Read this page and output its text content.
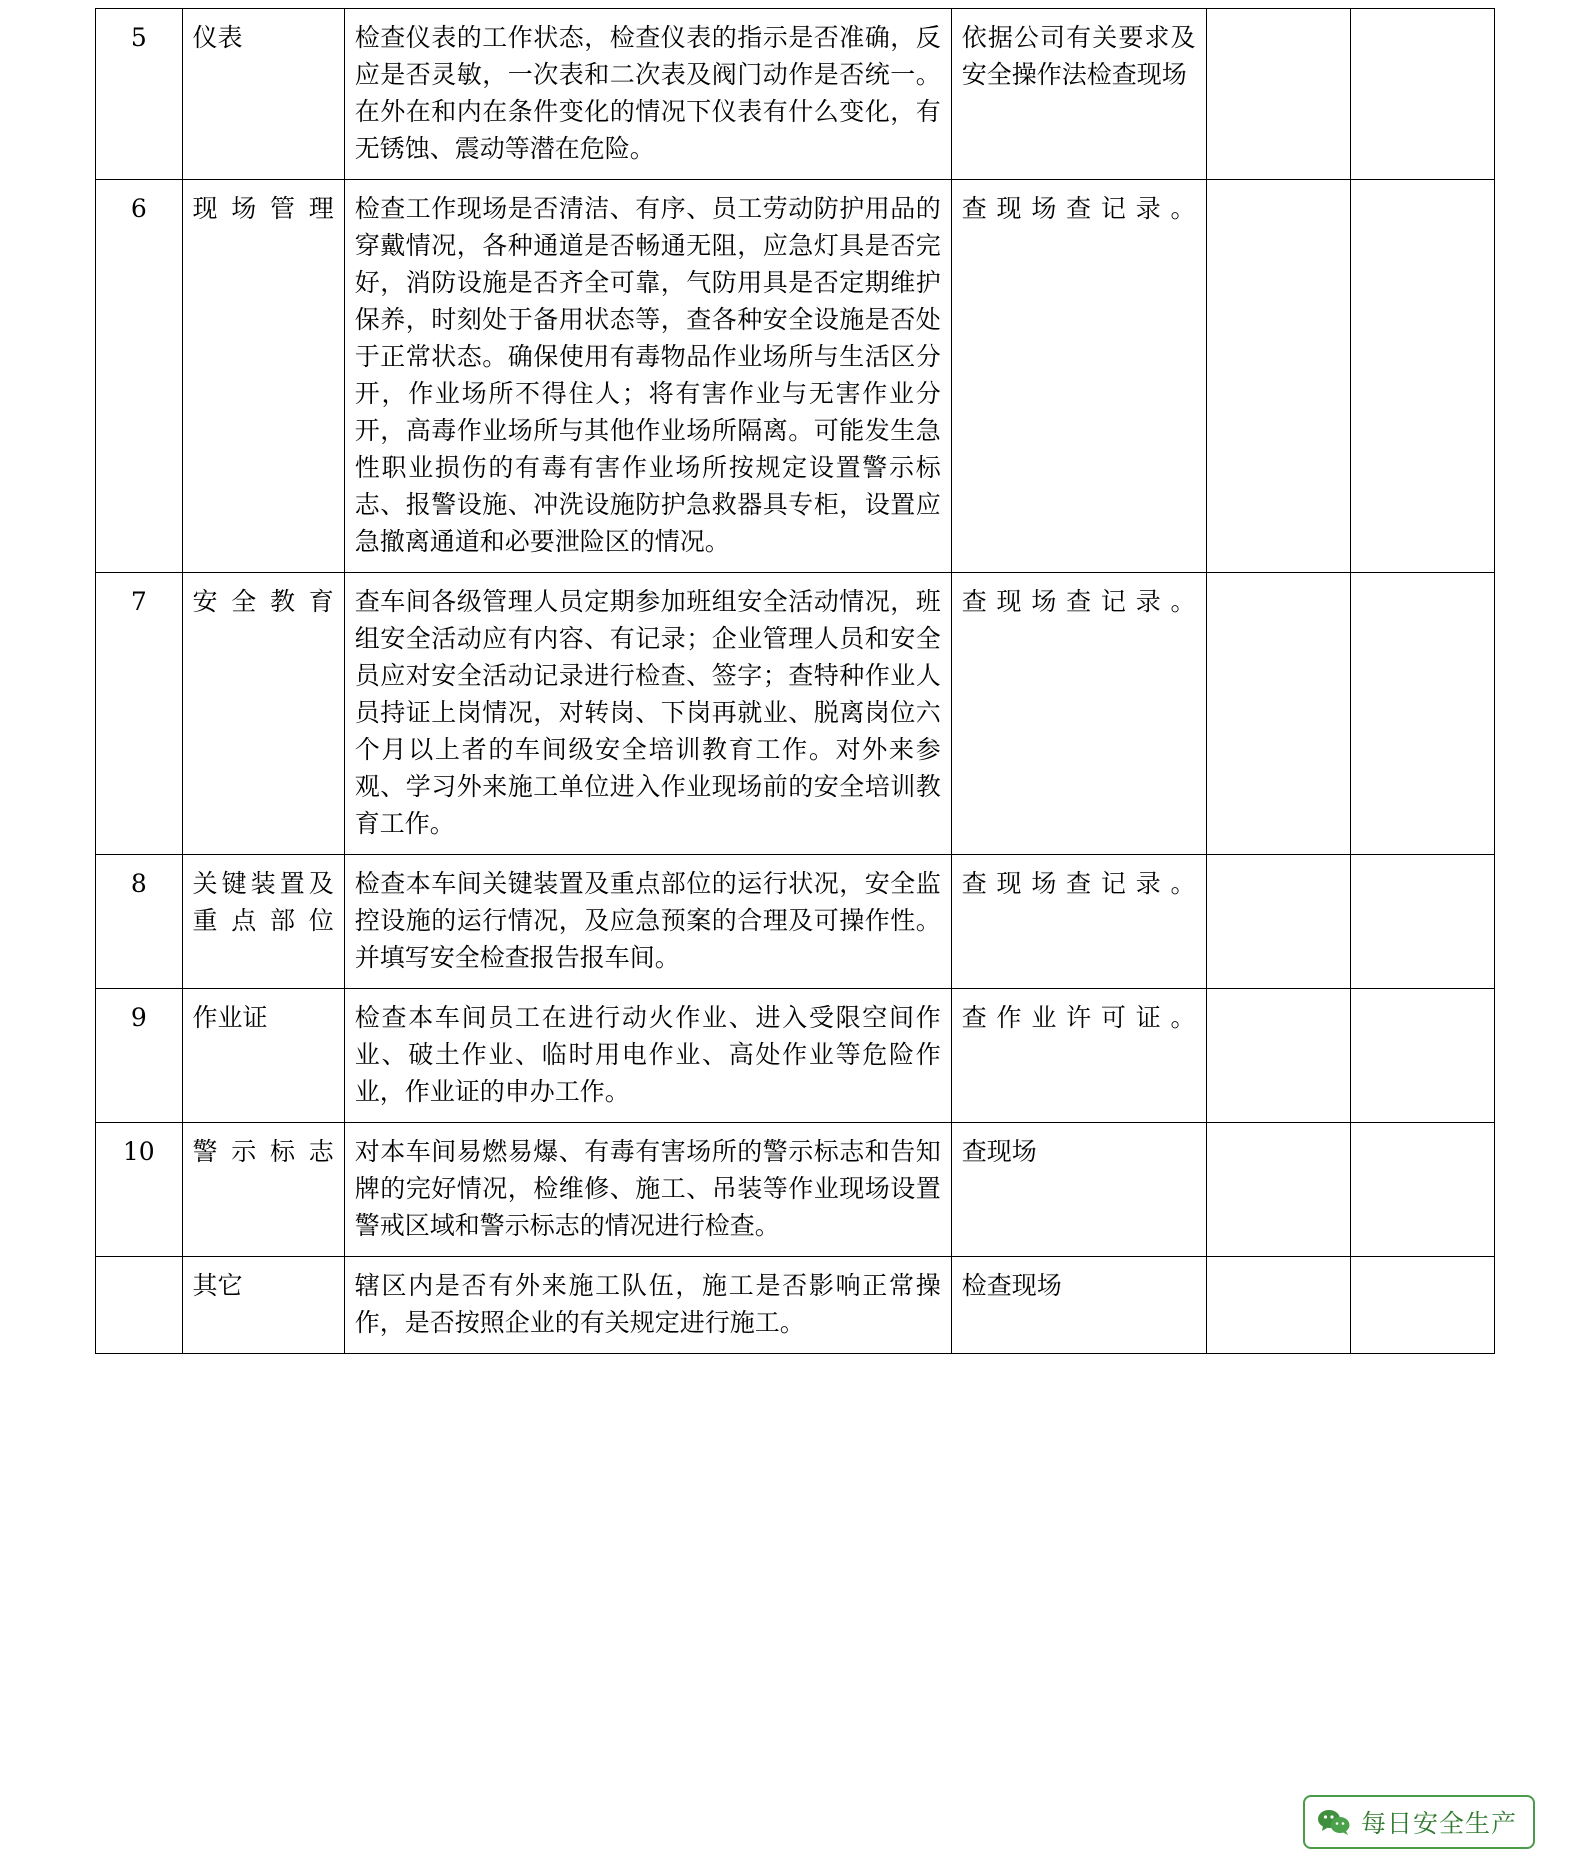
5	仪表	检查仪表的工作状态，检查仪表的指示是否准确，反应是否灵敏，一次表和二次表及阀门动作是否统一。在外在和内在条件变化的情况下仪表有什么变化，有无锈蚀、震动等潜在危险。	依据公司有关要求及安全操作法检查现场		

6	现场管理	检查工作现场是否清洁、有序、员工劳动防护用品的穿戴情况，各种通道是否畅通无阻，应急灯具是否完好，消防设施是否齐全可靠，气防用具是否定期维护保养，时刻处于备用状态等，查各种安全设施是否处于正常状态。确保使用有毒物品作业场所与生活区分开，作业场所不得住人；将有害作业与无害作业分开，高毒作业场所与其他作业场所隔离。可能发生急性职业损伤的有毒有害作业场所按规定设置警示标志、报警设施、冲洗设施防护急救器具专柜，设置应急撤离通道和必要泄险区的情况。	查现场查记录。		

7	安全教育	查车间各级管理人员定期参加班组安全活动情况，班组安全活动应有内容、有记录；企业管理人员和安全员应对安全活动记录进行检查、签字；查特种作业人员持证上岗情况，对转岗、下岗再就业、脱离岗位六个月以上者的车间级安全培训教育工作。对外来参观、学习外来施工单位进入作业现场前的安全培训教育工作。	查现场查记录。		

8	关键装置及重点部位	检查本车间关键装置及重点部位的运行状况，安全监控设施的运行情况，及应急预案的合理及可操作性。并填写安全检查报告报车间。	查现场查记录。		

9	作业证	检查本车间员工在进行动火作业、进入受限空间作业、破土作业、临时用电作业、高处作业等危险作业，作业证的申办工作。	查作业许可证。		

10	警示标志	对本车间易燃易爆、有毒有害场所的警示标志和告知牌的完好情况，检维修、施工、吊装等作业现场设置警戒区域和警示标志的情况进行检查。	查现场		

	其它	辖区内是否有外来施工队伍，施工是否影响正常操作，是否按照企业的有关规定进行施工。	检查现场		

每日安全生产
